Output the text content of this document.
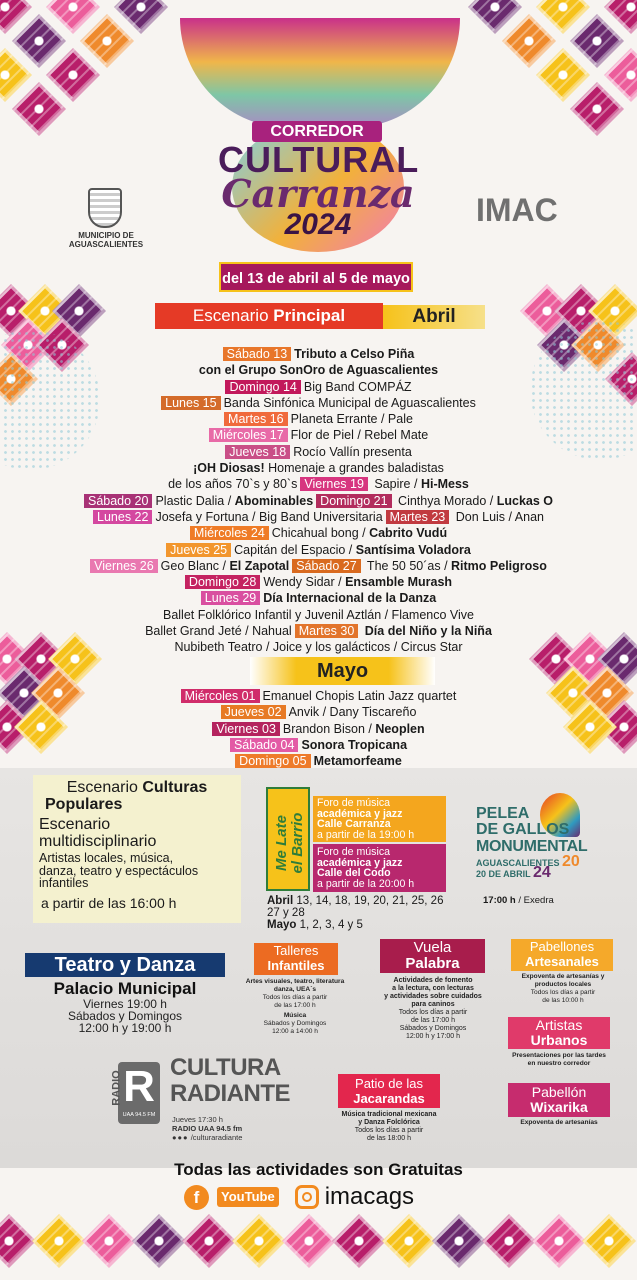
CORREDOR
CULTURAL
Carranza
2024
MUNICIPIO DE
AGUASCALIENTES
IMAC
del 13 de abril al 5 de mayo
Escenario Principal	Abril
Sábado 13 Tributo a Celso Piña
con el Grupo SonOro de Aguascalientes
Domingo 14 Big Band COMPÁZ
Lunes 15 Banda Sinfónica Municipal de Aguascalientes
Martes 16 Planeta Errante / Pale
Miércoles 17 Flor de Piel / Rebel Mate
Jueves 18 Rocío Vallín presenta
¡OH Diosas! Homenaje a grandes baladistas
de los años 70`s y 80`s Viernes 19 Sapire / Hi-Mess
Sábado 20 Plastic Dalia / Abominables Domingo 21 Cinthya Morado / Luckas O
Lunes 22 Josefa y Fortuna / Big Band Universitaria Martes 23 Don Luis / Anan
Miércoles 24 Chicahual bong / Cabrito Vudú
Jueves 25 Capitán del Espacio / Santísima Voladora
Viernes 26 Geo Blanc / El Zapotal Sábado 27 The 50 50´as / Ritmo Peligroso
Domingo 28 Wendy Sidar / Ensamble Murash
Lunes 29 Día Internacional de la Danza
Ballet Folklórico Infantil y Juvenil Aztlán / Flamenco Vive
Ballet Grand Jeté / Nahual Martes 30 Día del Niño y la Niña
Nubibeth Teatro / Joice y los galácticos / Circus Star
Mayo
Miércoles 01 Emanuel Chopis Latin Jazz quartet
Jueves 02 Anvik / Dany Tiscareño
Viernes 03 Brandon Bison / Neoplen
Sábado 04 Sonora Tropicana
Domingo 05 Metamorfeame
Escenario Culturas
Populares
Escenario
multidisciplinario
Artistas locales, música,
danza, teatro y espectáculos
infantiles
a partir de las 16:00 h
Me Late el Barrio
Foro de música
académica y jazz
Calle Carranza
a partir de la 19:00 h
Foro de música
académica y jazz
Calle del Codo
a partir de la 20:00 h
Abril 13, 14, 18, 19, 20, 21, 25, 26
27 y 28
Mayo 1, 2, 3, 4 y 5
PELEA
DE GALLOS
MONUMENTAL
AGUASCALIENTES 20
20 DE ABRIL 24
17:00 h / Exedra
Teatro y Danza
Palacio Municipal
Viernes 19:00 h
Sábados y Domingos
12:00 h y 19:00 h
Talleres
Infantiles
Artes visuales, teatro, literatura
danza, UEA´s
Todos los días a partir
de las 17:00 h
Música
Sábados y Domingos
12:00 a 14:00 h
Vuela
Palabra
Actividades de fomento
a la lectura, con lecturas
y actividades sobre cuidados
para caninos
Todos los días a partir
de las 17:00 h
Sábados y Domingos
12:00 h y 17:00 h
Pabellones
Artesanales
Expoventa de artesanías y
productos locales
Todos los días a partir
de las 10:00 h
Artistas
Urbanos
Presentaciones por las tardes
en nuestro corredor
Pabellón
Wixarika
Expoventa de artesanías
R
UAA 94.5 FM
RADIO
CULTURA
RADIANTE
Jueves 17:30 h
RADIO UAA 94.5 fm
●●● /culturaradiante
Patio de las
Jacarandas
Música tradicional mexicana
y Danza Folclórica
Todos los días a partir
de las 18:00 h
Todas las actividades son Gratuitas
f	YouTube imacags
